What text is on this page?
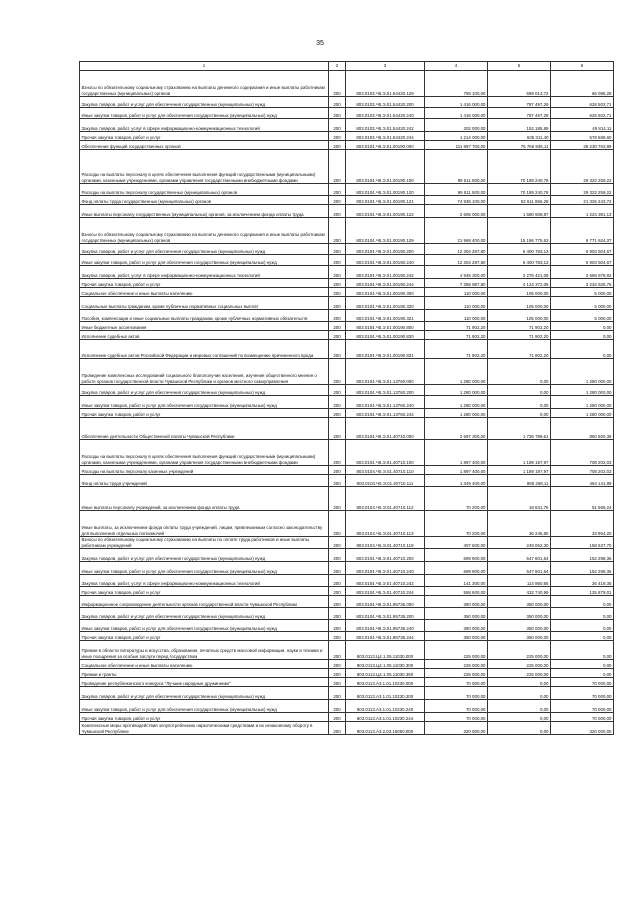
35
1	2	3	4	5	6
Взносы по обязательному социальному страхованию на выплаты денежного содержания и иные выплаты работникам государственных (муниципальных) органов	200	803.0103.Ч5.Э.01.54420.129	755 100,00	589 013,72	66 086,28
Закупка товаров, работ и услуг для обеспечения государственных (муниципальных) нужд	200	803.0103.Ч5.Э.01.54420.200	1 416 000,00	787 497,29	628 502,71
Иные закупки товаров, работ и услуг для обеспечения государственных (муниципальных) нужд	200	803.0103.Ч5.Э.01.54420.240	1 416 000,00	787 497,29	625 502,71
Закупка товаров, работ, услуг в сфере информационно-коммуникационных технологий	200	803.0103.Ч5.Э.01.54420.242	202 000,00	152 185,89	49 814,11
Прочая закупка товаров, работ и услуг	200	803.0103.Ч5.Э.01.54420.244	1 214 000,00	635 311,40	578 688,60
Обеспечение функций государственных органов	200	803.0104.Ч5.Э.01.00190.000	111 997 700,00	76 766 936,11	35 230 763,89
Расходы на выплаты персоналу в целях обеспечения выполнения функций государственными (муниципальными) органами, казенными учреждениями, органами управления государственными внебюджетными фондами	200	803.0104.Ч5.Э.01.00190.100	99 511 500,00	70 189 240,78	29 322 259,22
Расходы на выплаты персоналу государственных (муниципальных) органов	200	803.0104.Ч5.Э.01.00190.120	99 511 500,00	70 189 240,78	29 322 259,22
Фонд оплаты труда государственных (муниципальных) органов	200	803.0104.Ч5.Э.01.00190.121	74 936 100,00	53 611 856,28	21 326 243,72
Иные выплаты персоналу государственных (муниципальных) органов, за исключением фонда оплаты труда	200	803.0104.Ч5.Э.01.00190.122	2 605 000,00	1 580 608,87	1 224 391,13
Взносы по обязательному социальному страхованию на выплаты денежного содержания и иные выплаты работникам государственных (муниципальных) органов	200	803.0104.Ч5.Э.01.00190.129	21 968 400,00	15 196 775,63	6 771 624,37
Закупка товаров, работ и услуг для обеспечения государственных (муниципальных) нужд	200	803.0104.Ч5.Э.01.00190.200	12 304 287,80	6 400 783,13	5 903 504,67
Иные закупки товаров, работ и услуг для обеспечения государственных (муниципальных) нужд	200	803.0104.Ч5.Э.01.00190.240	12 304 287,80	6 400 783,13	5 903 504,67
Закупка товаров, работ, услуг в сфере информационно-коммуникационных технологий	200	803.0104.Ч5.Э.01.00190.242	4 945 300,00	2 276 421,08	2 668 878,92
Прочая закупка товаров, работ и услуг	200	803.0104.Ч5.Э.01.00190.244	7 358 987,80	4 124 372,05	3 234 625,75
Социальное обеспечение и иные выплаты населению	200	803.0104.Ч5.Э.01.00190.300	110 000,00	105 000,00	5 000,00
Социальные выплаты гражданам, кроме публичных нормативных социальных выплат	200	803.0104.Ч5.Э.01.00190.320	110 000,00	105 000,00	5 000,00
Пособия, компенсации и иные социальные выплаты гражданам, кроме публичных нормативных обязательств	200	803.0104.Ч5.Э.01.00190.321	110 000,00	105 000,00	5 000,00
Иные бюджетные ассигнования	200	803.0104.Ч5.Э.01.00190.800	71 902,20	71 902,20	0,00
Исполнение судебных актов	200	803.0104.Ч5.Э.01.00190.830	71 902,20	71 902,20	0,00
Исполнение судебных актов Российской Федерации и мировых соглашений по возмещению причиненного вреда	200	803.0104.Ч5.Э.01.00190.831	71 902,20	71 902,20	0,00
Проведение комплексных исследований социального благополучия населения, изучения общественного мнения о работе органов государственной власти Чувашской Республики и органов местного самоуправления	200	803.0104.Ч5.Э.01.13760.000	1 280 000,00	0,00	1 280 000,00
Закупка товаров, работ и услуг для обеспечения государственных (муниципальных) нужд	200	803.0104.Ч5.Э.01.13760.200	1 280 000,00	0,00	1 280 000,00
Иные закупки товаров, работ и услуг для обеспечения государственных (муниципальных) нужд	200	803.0104.Ч5.Э.01.13760.240	1 280 000,00	0,00	1 280 000,00
Прочая закупка товаров, работ и услуг	200	803.0104.Ч5.Э.01.13760.244	1 280 000,00	0,00	1 280 000,00
Обеспечение деятельности Общественной палаты Чувашской Республики	200	803.0104.Ч5.Э.01.40710.000	2 597 300,00	1 736 799,61	860 500,39
Расходы на выплаты персоналу в целях обеспечения выполнения функций государственными (муниципальными) органами, казенными учреждениями, органами управления государственными внебюджетными фондами	200	803.0104.Ч5.Э.01.40710.100	1 897 400,00	1 189 197,97	708 202,03
Расходы на выплаты персоналу казенных учреждений	200	803.0104.Ч5.Э.01.40710.110	1 897 400,00	1 189 197,97	708 202,03
Фонд оплаты труда учреждений	200	803.0104.Ч5.Э.01.40710.111	1 349 400,00	885 258,11	464 141,89
Иные выплаты персоналу учреждений, за исключением фонда оплаты труда	200	803.0104.Ч5.Э.01.40710.112	70 200,00	18 631,76	51 568,24
Иные выплаты, за исключением фонда оплаты труда учреждений, лицам, привлекаемым согласно законодательству для выполнения отдельных полномочий	200	803.0104.Ч5.Э.01.40710.113	70 200,00	36 245,80	33 954,20
Взносы по обязательному социальному страхованию на выплаты по оплате труда работников и иные выплаты работникам учреждений	200	803.0104.Ч5.Э.01.40710.119	407 600,00	249 062,30	158 537,70
Закупка товаров, работ и услуг для обеспечения государственных (муниципальных) нужд	200	803.0104.Ч5.Э.01.40710.200	699 900,00	547 601,64	152 298,36
Иные закупки товаров, работ и услуг для обеспечения государственных (муниципальных) нужд	200	803.0104.Ч5.Э.01.40710.240	699 900,00	547 601,64	152 298,36
Закупка товаров, работ, услуг в сфере информационно-коммуникационных технологий	200	803.0104.Ч5.Э.01.40710.242	141 300,00	114 860,65	26 419,35
Прочая закупка товаров, работ и услуг	200	803.0104.Ч5.Э.01.40710.244	558 600,00	432 740,99	125 879,01
Информационное сопровождение деятельности органов государственной власти Чувашской Республики	200	803.0104.Ч5.Э.01.95735.000	350 000,00	350 000,00	0,00
Закупка товаров, работ и услуг для обеспечения государственных (муниципальных) нужд	200	803.0104.Ч5.Э.01.95735.200	350 000,00	350 000,00	0,00
Иные закупки товаров, работ и услуг для обеспечения государственных (муниципальных) нужд	200	803.0104.Ч5.Э.01.95735.240	350 000,00	350 000,00	0,00
Прочая закупка товаров, работ и услуг	200	803.0104.Ч5.Э.01.95735.244	350 000,00	350 000,00	0,00
Премии в области литературы и искусства, образования, печатных средств массовой информации, науки и техники и иные поощрения за особые заслуги перед государством	200	803.0113.Ц4.1.05.11030.000	225 000,00	225 000,00	0,00
Социальное обеспечение и иные выплаты населению	200	803.0113.Ц4.1.05.11030.300	225 000,00	225 000,00	0,00
Премии и гранты	200	803.0113.Ц4.1.05.11030.350	225 000,00	225 000,00	0,00
Проведение республиканского конкурса "Лучшие народные дружинники"	200	803.0113.А3.1.01.10230.000	70 000,00	0,00	70 000,00
Закупка товаров, работ и услуг для обеспечения государственных (муниципальных) нужд	200	803.0113.А3.1.01.10230.200	70 000,00	0,00	70 000,00
Иные закупки товаров, работ и услуг для обеспечения государственных (муниципальных) нужд	200	803.0113.А3.1.01.10230.240	70 000,00	0,00	70 000,00
Прочая закупка товаров, работ и услуг	200	803.0113.А3.1.01.10230.244	70 000,00	0,00	70 000,00
Комплексные меры противодействия злоупотреблению наркотическими средствами и их незаконному обороту в Чувашской Республике	200	803.0113.А3.2.03.16050.000	320 000,00	0,00	320 000,00
